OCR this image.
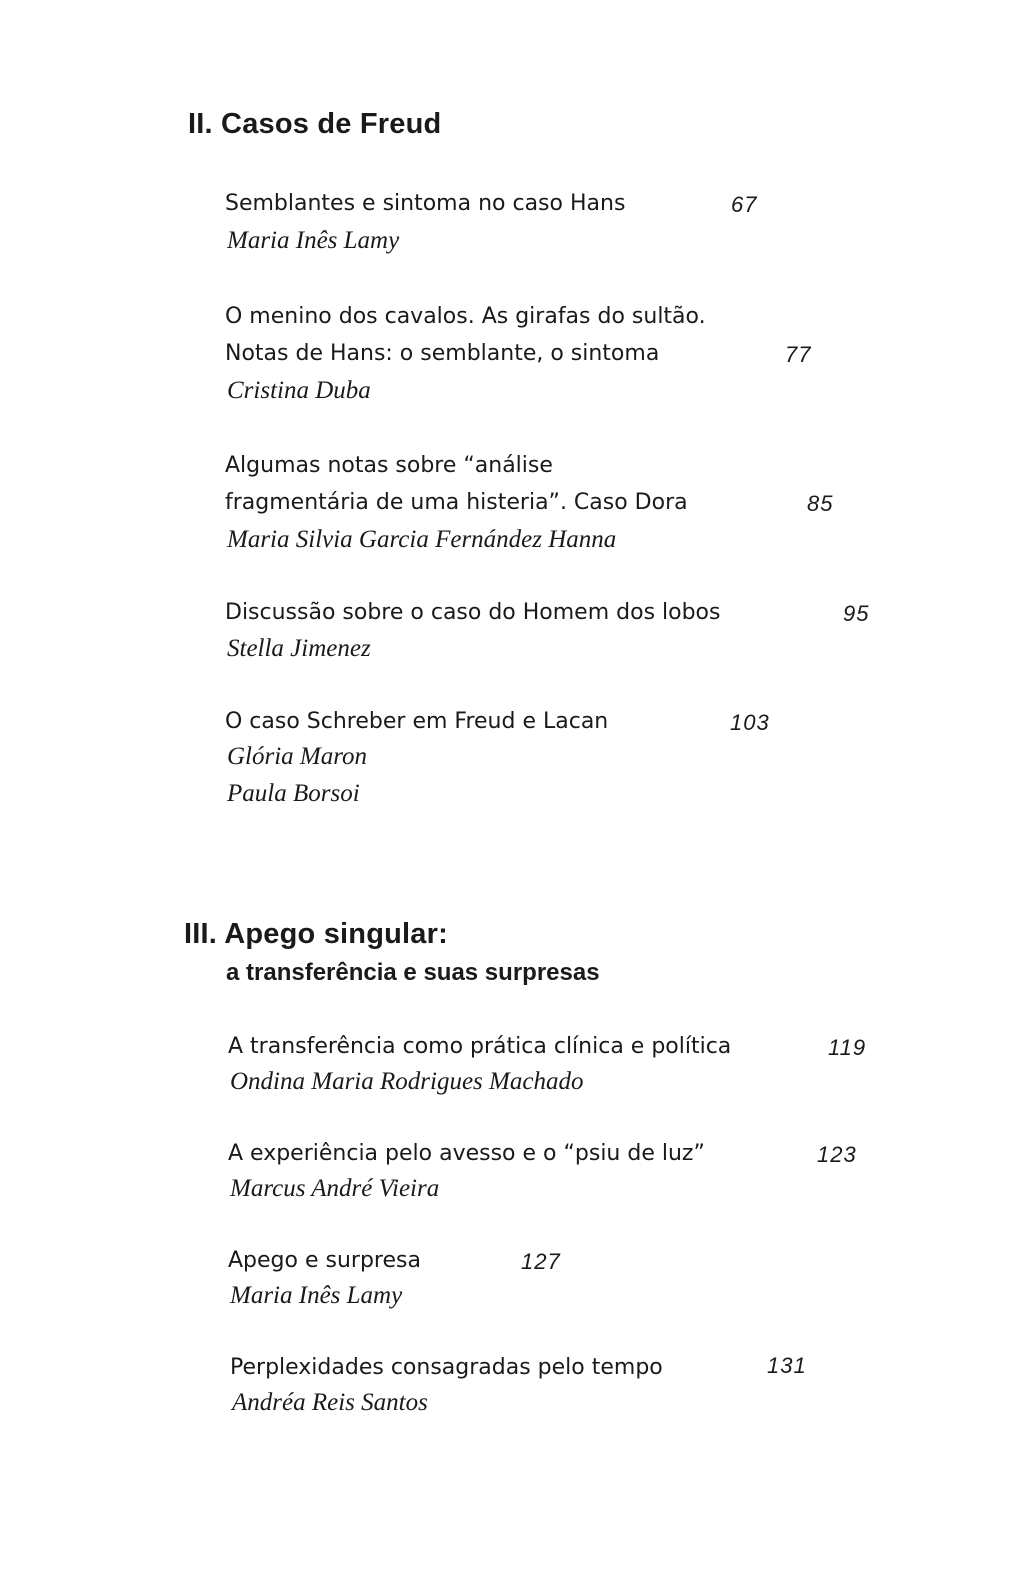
II. Casos de Freud
Semblantes e sintoma no caso Hans	67
Maria Inês Lamy
O menino dos cavalos. As girafas do sultão.
Notas de Hans: o semblante, o sintoma	77
Cristina Duba
Algumas notas sobre “análise
fragmentária de uma histeria”. Caso Dora	85
Maria Silvia Garcia Fernández Hanna
Discussão sobre o caso do Homem dos lobos	95
Stella Jimenez
O caso Schreber em Freud e Lacan	103
Glória Maron
Paula Borsoi
III. Apego singular:
a transferência e suas surpresas
A transferência como prática clínica e política	119
Ondina Maria Rodrigues Machado
A experiência pelo avesso e o “psiu de luz”	123
Marcus André Vieira
Apego e surpresa	127
Maria Inês Lamy
Perplexidades consagradas pelo tempo	131
Andréa Reis Santos
